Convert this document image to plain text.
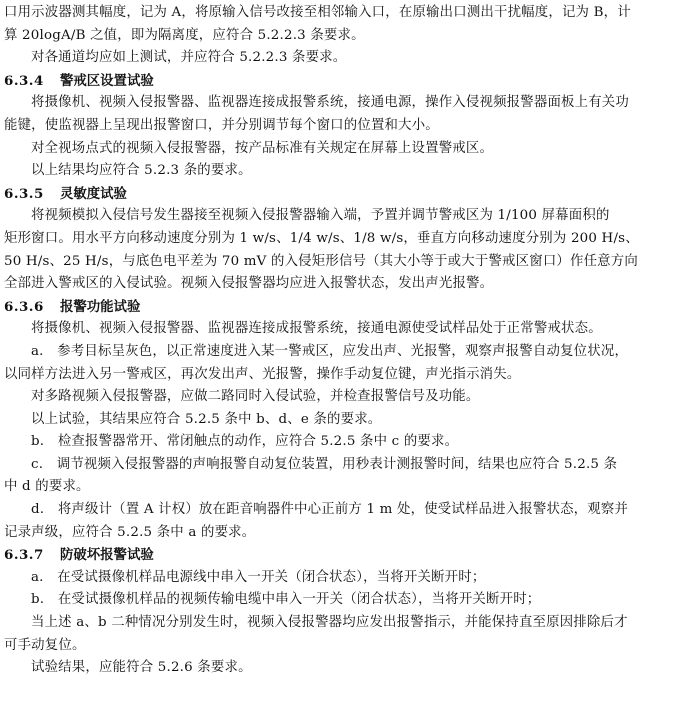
口用示波器测其幅度，记为 A，将原输入信号改接至相邻输入口，在原输出口测出干扰幅度，记为 B，计
算 20logA/B 之值，即为隔离度，应符合 5.2.2.3 条要求。
对各通道均应如上测试，并应符合 5.2.2.3 条要求。
6.3.4 警戒区设置试验
将摄像机、视频入侵报警器、监视器连接成报警系统，接通电源，操作入侵视频报警器面板上有关功
能键，使监视器上呈现出报警窗口，并分别调节每个窗口的位置和大小。
对全视场点式的视频入侵报警器，按产品标准有关规定在屏幕上设置警戒区。
以上结果均应符合 5.2.3 条的要求。
6.3.5 灵敏度试验
将视频模拟入侵信号发生器接至视频入侵报警器输入端，予置并调节警戒区为 1/100 屏幕面积的
矩形窗口。用水平方向移动速度分别为 1 w/s、1/4 w/s、1/8 w/s，垂直方向移动速度分别为 200 H/s、
50 H/s、25 H/s，与底色电平差为 70 mV 的入侵矩形信号（其大小等于或大于警戒区窗口）作任意方向
全部进入警戒区的入侵试验。视频入侵报警器均应进入报警状态，发出声光报警。
6.3.6 报警功能试验
将摄像机、视频入侵报警器、监视器连接成报警系统，接通电源使受试样品处于正常警戒状态。
a.　参考目标呈灰色，以正常速度进入某一警戒区，应发出声、光报警，观察声报警自动复位状况，
以同样方法进入另一警戒区，再次发出声、光报警，操作手动复位键，声光指示消失。
对多路视频入侵报警器，应做二路同时入侵试验，并检查报警信号及功能。
以上试验，其结果应符合 5.2.5 条中 b、d、e 条的要求。
b.　检查报警器常开、常闭触点的动作，应符合 5.2.5 条中 c 的要求。
c.　调节视频入侵报警器的声响报警自动复位装置，用秒表计测报警时间，结果也应符合 5.2.5 条
中 d 的要求。
d.　将声级计（置 A 计权）放在距音响器件中心正前方 1 m 处，使受试样品进入报警状态，观察并
记录声级，应符合 5.2.5 条中 a 的要求。
6.3.7 防破坏报警试验
a.　在受试摄像机样品电源线中串入一开关（闭合状态），当将开关断开时；
b.　在受试摄像机样品的视频传输电缆中串入一开关（闭合状态），当将开关断开时；
当上述 a、b 二种情况分别发生时，视频入侵报警器均应发出报警指示，并能保持直至原因排除后才
可手动复位。
试验结果，应能符合 5.2.6 条要求。
